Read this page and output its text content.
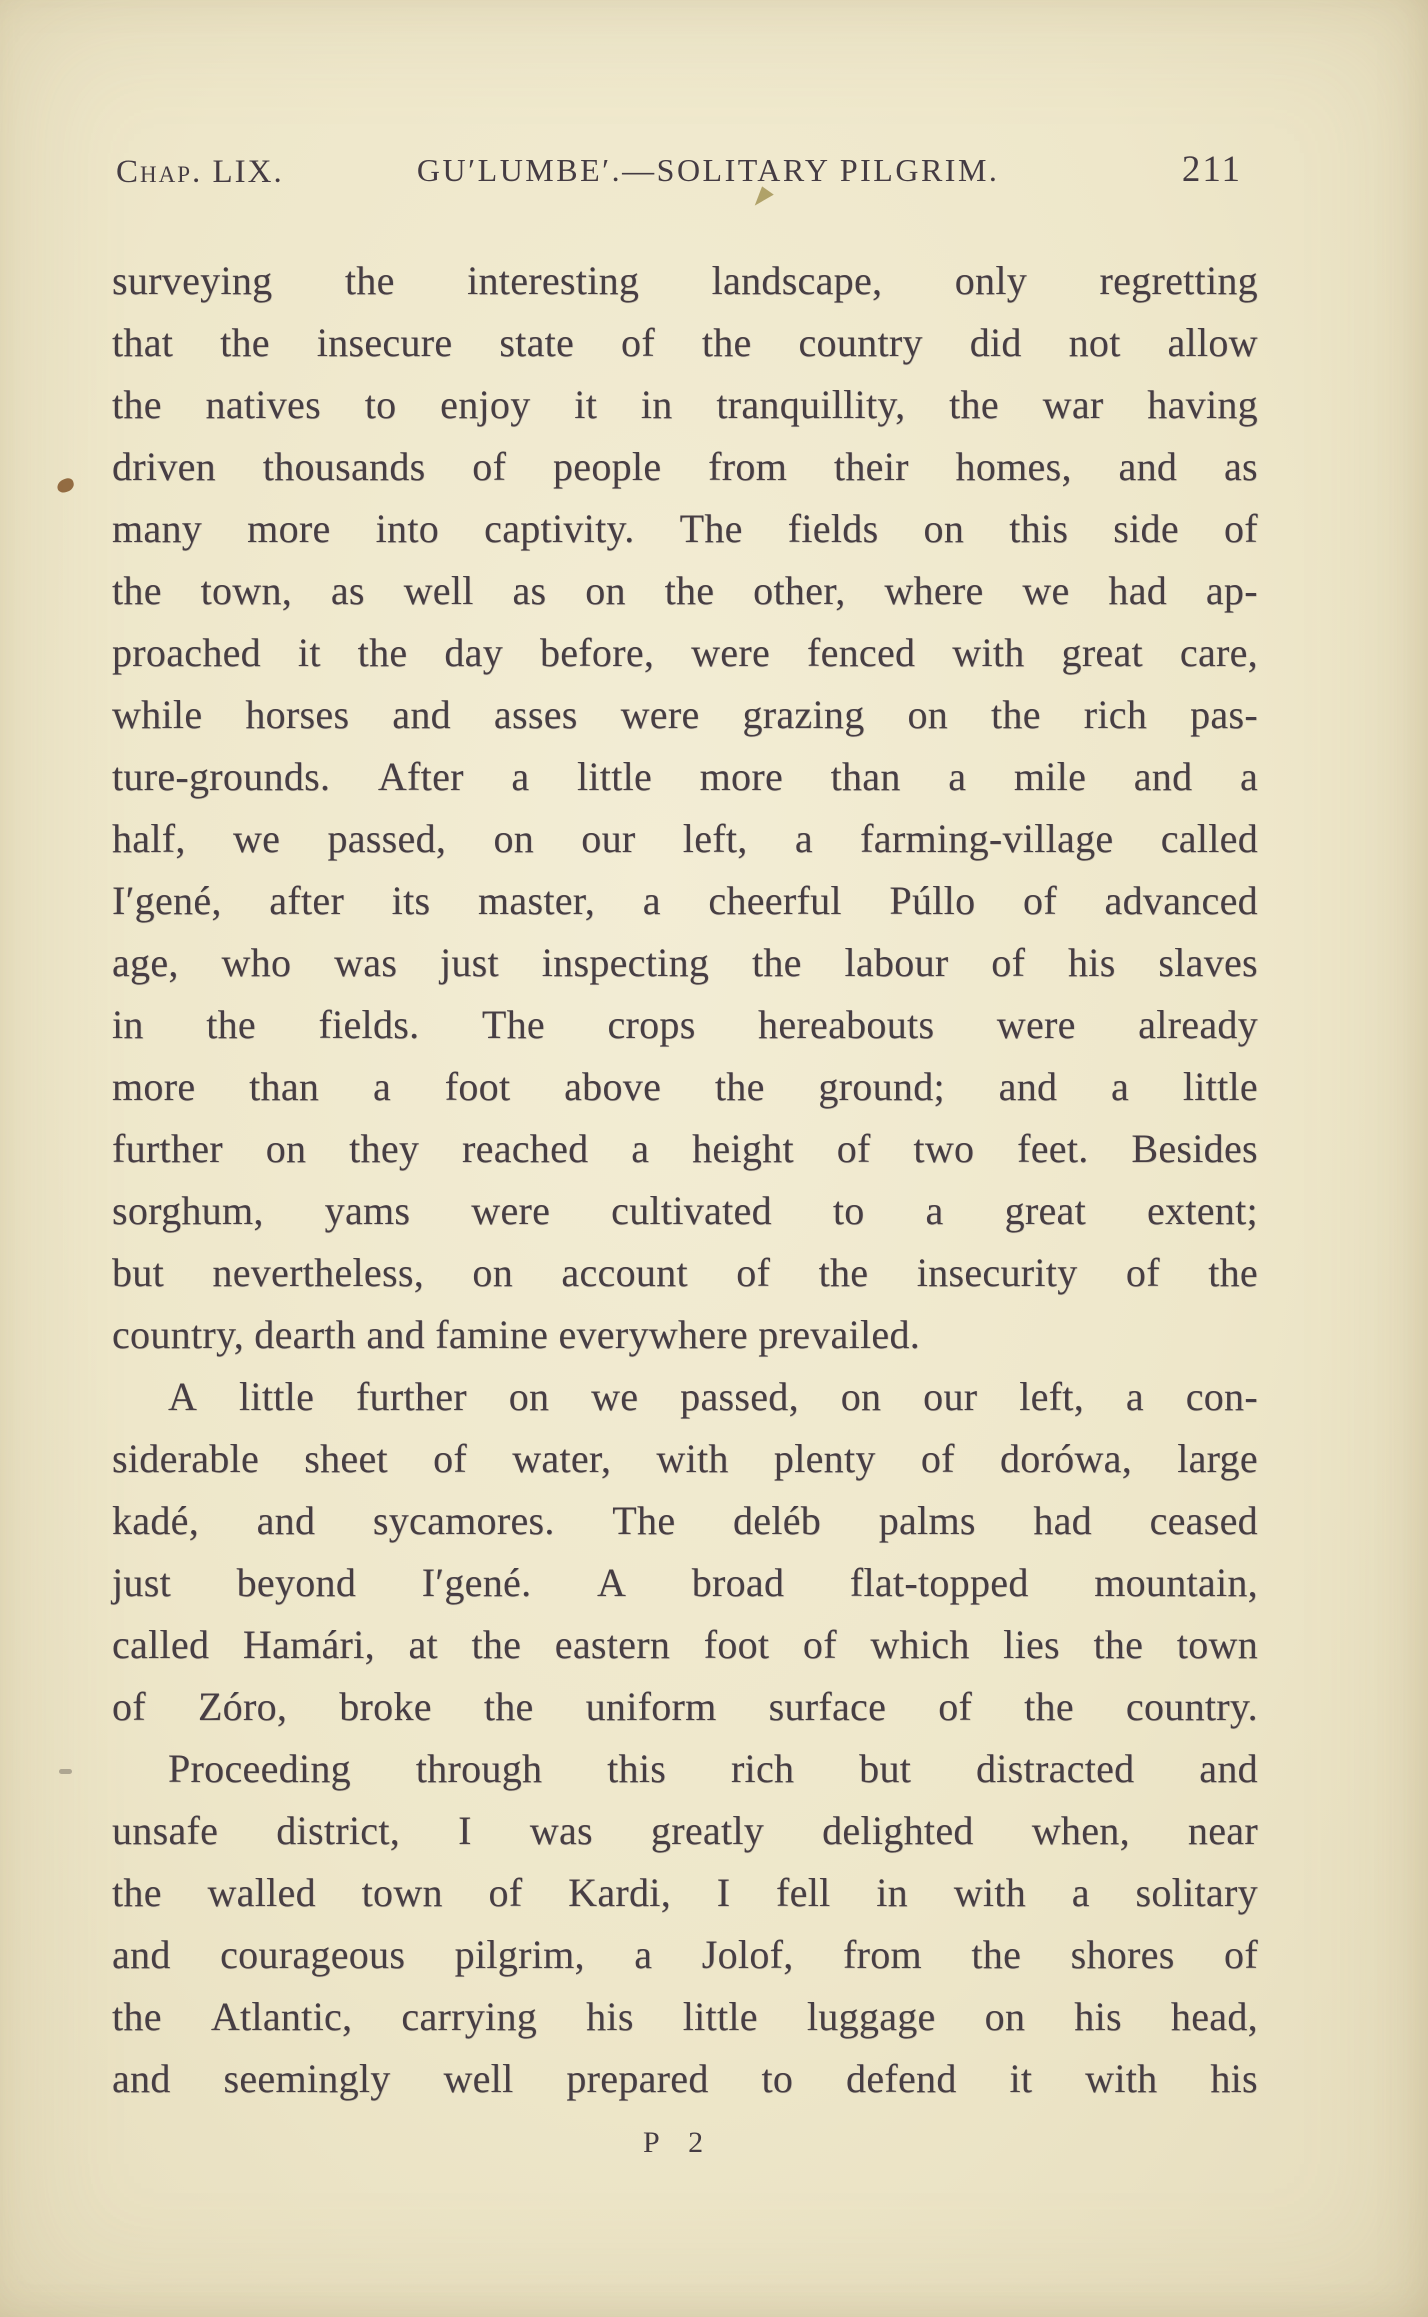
Chap. LIX.	GU′LUMBE′.—SOLITARY PILGRIM.	211
surveying the interesting landscape, only regretting
that the insecure state of the country did not allow
the natives to enjoy it in tranquillity, the war having
driven thousands of people from their homes, and as
many more into captivity. The fields on this side of
the town, as well as on the other, where we had ap-
proached it the day before, were fenced with great care,
while horses and asses were grazing on the rich pas-
ture-grounds. After a little more than a mile and a
half, we passed, on our left, a farming-village called
I′gené, after its master, a cheerful Púllo of advanced
age, who was just inspecting the labour of his slaves
in the fields. The crops hereabouts were already
more than a foot above the ground; and a little
further on they reached a height of two feet. Besides
sorghum, yams were cultivated to a great extent;
but nevertheless, on account of the insecurity of the
country, dearth and famine everywhere prevailed.
A little further on we passed, on our left, a con-
siderable sheet of water, with plenty of dorówa, large
kadé, and sycamores. The deléb palms had ceased
just beyond I′gené. A broad flat-topped mountain,
called Hamári, at the eastern foot of which lies the town
of Zóro, broke the uniform surface of the country.
Proceeding through this rich but distracted and
unsafe district, I was greatly delighted when, near
the walled town of Kardi, I fell in with a solitary
and courageous pilgrim, a Jolof, from the shores of
the Atlantic, carrying his little luggage on his head,
and seemingly well prepared to defend it with his
P 2
